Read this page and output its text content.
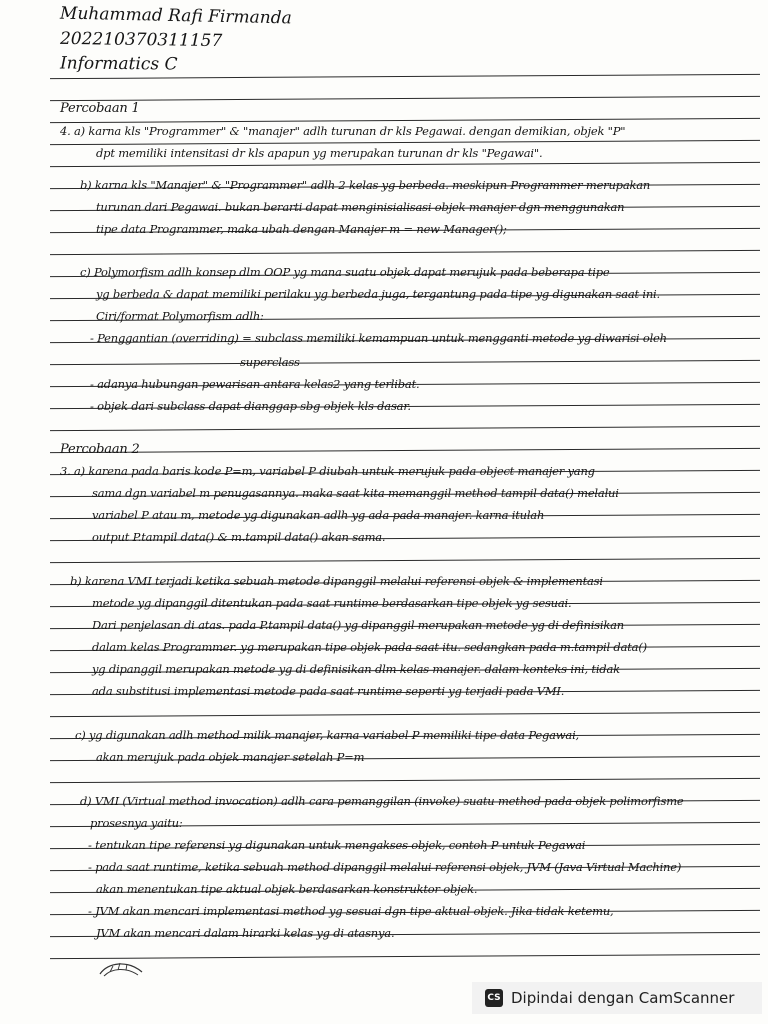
Muhammad Rafi Firmanda
202210370311157
Informatics C
Percobaan 1
4. a) karna kls "Programmer" & "manajer" adlh turunan dr kls Pegawai. dengan demikian, objek "P"
dpt memiliki intensitasi dr kls apapun yg merupakan turunan dr kls "Pegawai".
b) karna kls "Manajer" & "Programmer" adlh 2 kelas yg berbeda. meskipun Programmer merupakan
turunan dari Pegawai. bukan berarti dapat menginisialisasi objek manajer dgn menggunakan
tipe data Programmer, maka ubah dengan Manajer m = new Manager();
c) Polymorfism adlh konsep dlm OOP yg mana suatu objek dapat merujuk pada beberapa tipe
yg berbeda & dapat memiliki perilaku yg berbeda juga, tergantung pada tipe yg digunakan saat ini.
Ciri/format Polymorfism adlh:
- Penggantian (overriding) = subclass memiliki kemampuan untuk mengganti metode yg diwarisi oleh
superclass
- adanya hubungan pewarisan antara kelas2 yang terlibat.
- objek dari subclass dapat dianggap sbg objek kls dasar.
Percobaan 2
3. a) karena pada baris kode P=m, variabel P diubah untuk merujuk pada object manajer yang
sama dgn variabel m penugasannya. maka saat kita memanggil method tampil data() melalui
variabel P atau m, metode yg digunakan adlh yg ada pada manajer. karna itulah
output P.tampil data() & m.tampil data() akan sama.
b) karena VMI terjadi ketika sebuah metode dipanggil melalui referensi objek & implementasi
metode yg dipanggil ditentukan pada saat runtime berdasarkan tipe objek yg sesuai.
Dari penjelasan di atas. pada P.tampil data() yg dipanggil merupakan metode yg di definisikan
dalam kelas Programmer. yg merupakan tipe objek pada saat itu. sedangkan pada m.tampil data()
yg dipanggil merupakan metode yg di definisikan dlm kelas manajer. dalam konteks ini, tidak
ada substitusi implementasi metode pada saat runtime seperti yg terjadi pada VMI.
c) yg digunakan adlh method milik manajer, karna variabel P memiliki tipe data Pegawai,
akan merujuk pada objek manajer setelah P=m
d) VMI (Virtual method invocation) adlh cara pemanggilan (invoke) suatu method pada objek polimorfisme
prosesnya yaitu:
- tentukan tipe referensi yg digunakan untuk mengakses objek, contoh P untuk Pegawai
- pada saat runtime, ketika sebuah method dipanggil melalui referensi objek, JVM (Java Virtual Machine)
akan menentukan tipe aktual objek berdasarkan konstruktor objek.
- JVM akan mencari implementasi method yg sesuai dgn tipe aktual objek. Jika tidak ketemu,
JVM akan mencari dalam hirarki kelas yg di atasnya.
CS Dipindai dengan CamScanner
